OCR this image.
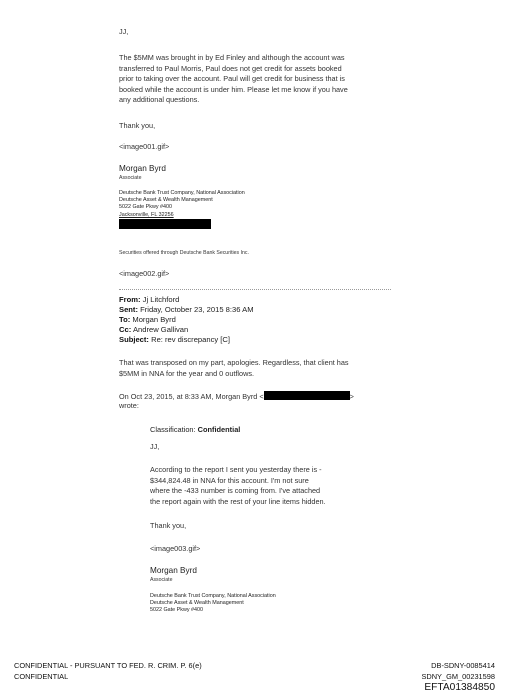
JJ,
The $5MM was brought in by Ed Finley and although the account was
transferred to Paul Morris, Paul does not get credit for assets booked
prior to taking over the account. Paul will get credit for business that is
booked while the account is under him. Please let me know if you have
any additional questions.
Thank you,
<image001.gif>
Morgan Byrd
Associate
Deutsche Bank Trust Company, National Association
Deutsche Asset & Wealth Management
5022 Gate Pkwy #400
Jacksonville, FL 32256
Securities offered through Deutsche Bank Securities Inc.
<image002.gif>
From: Jj Litchford
Sent: Friday, October 23, 2015 8:36 AM
To: Morgan Byrd
Cc: Andrew Gallivan
Subject: Re: rev discrepancy [C]
That was transposed on my part, apologies. Regardless, that client has
$5MM in NNA for the year and 0 outflows.
On Oct 23, 2015, at 8:33 AM, Morgan Byrd <	>
wrote:
Classification: Confidential
JJ,
According to the report I sent you yesterday there is -
$344,824.48 in NNA for this account. I'm not sure
where the -433 number is coming from. I've attached
the report again with the rest of your line items hidden.
Thank you,
<image003.gif>
Morgan Byrd
Associate
Deutsche Bank Trust Company, National Association
Deutsche Asset & Wealth Management
5022 Gate Pkwy #400
CONFIDENTIAL - PURSUANT TO FED. R. CRIM. P. 6(e)
CONFIDENTIAL
DB-SDNY-0085414
SDNY_GM_00231598
EFTA01384850
